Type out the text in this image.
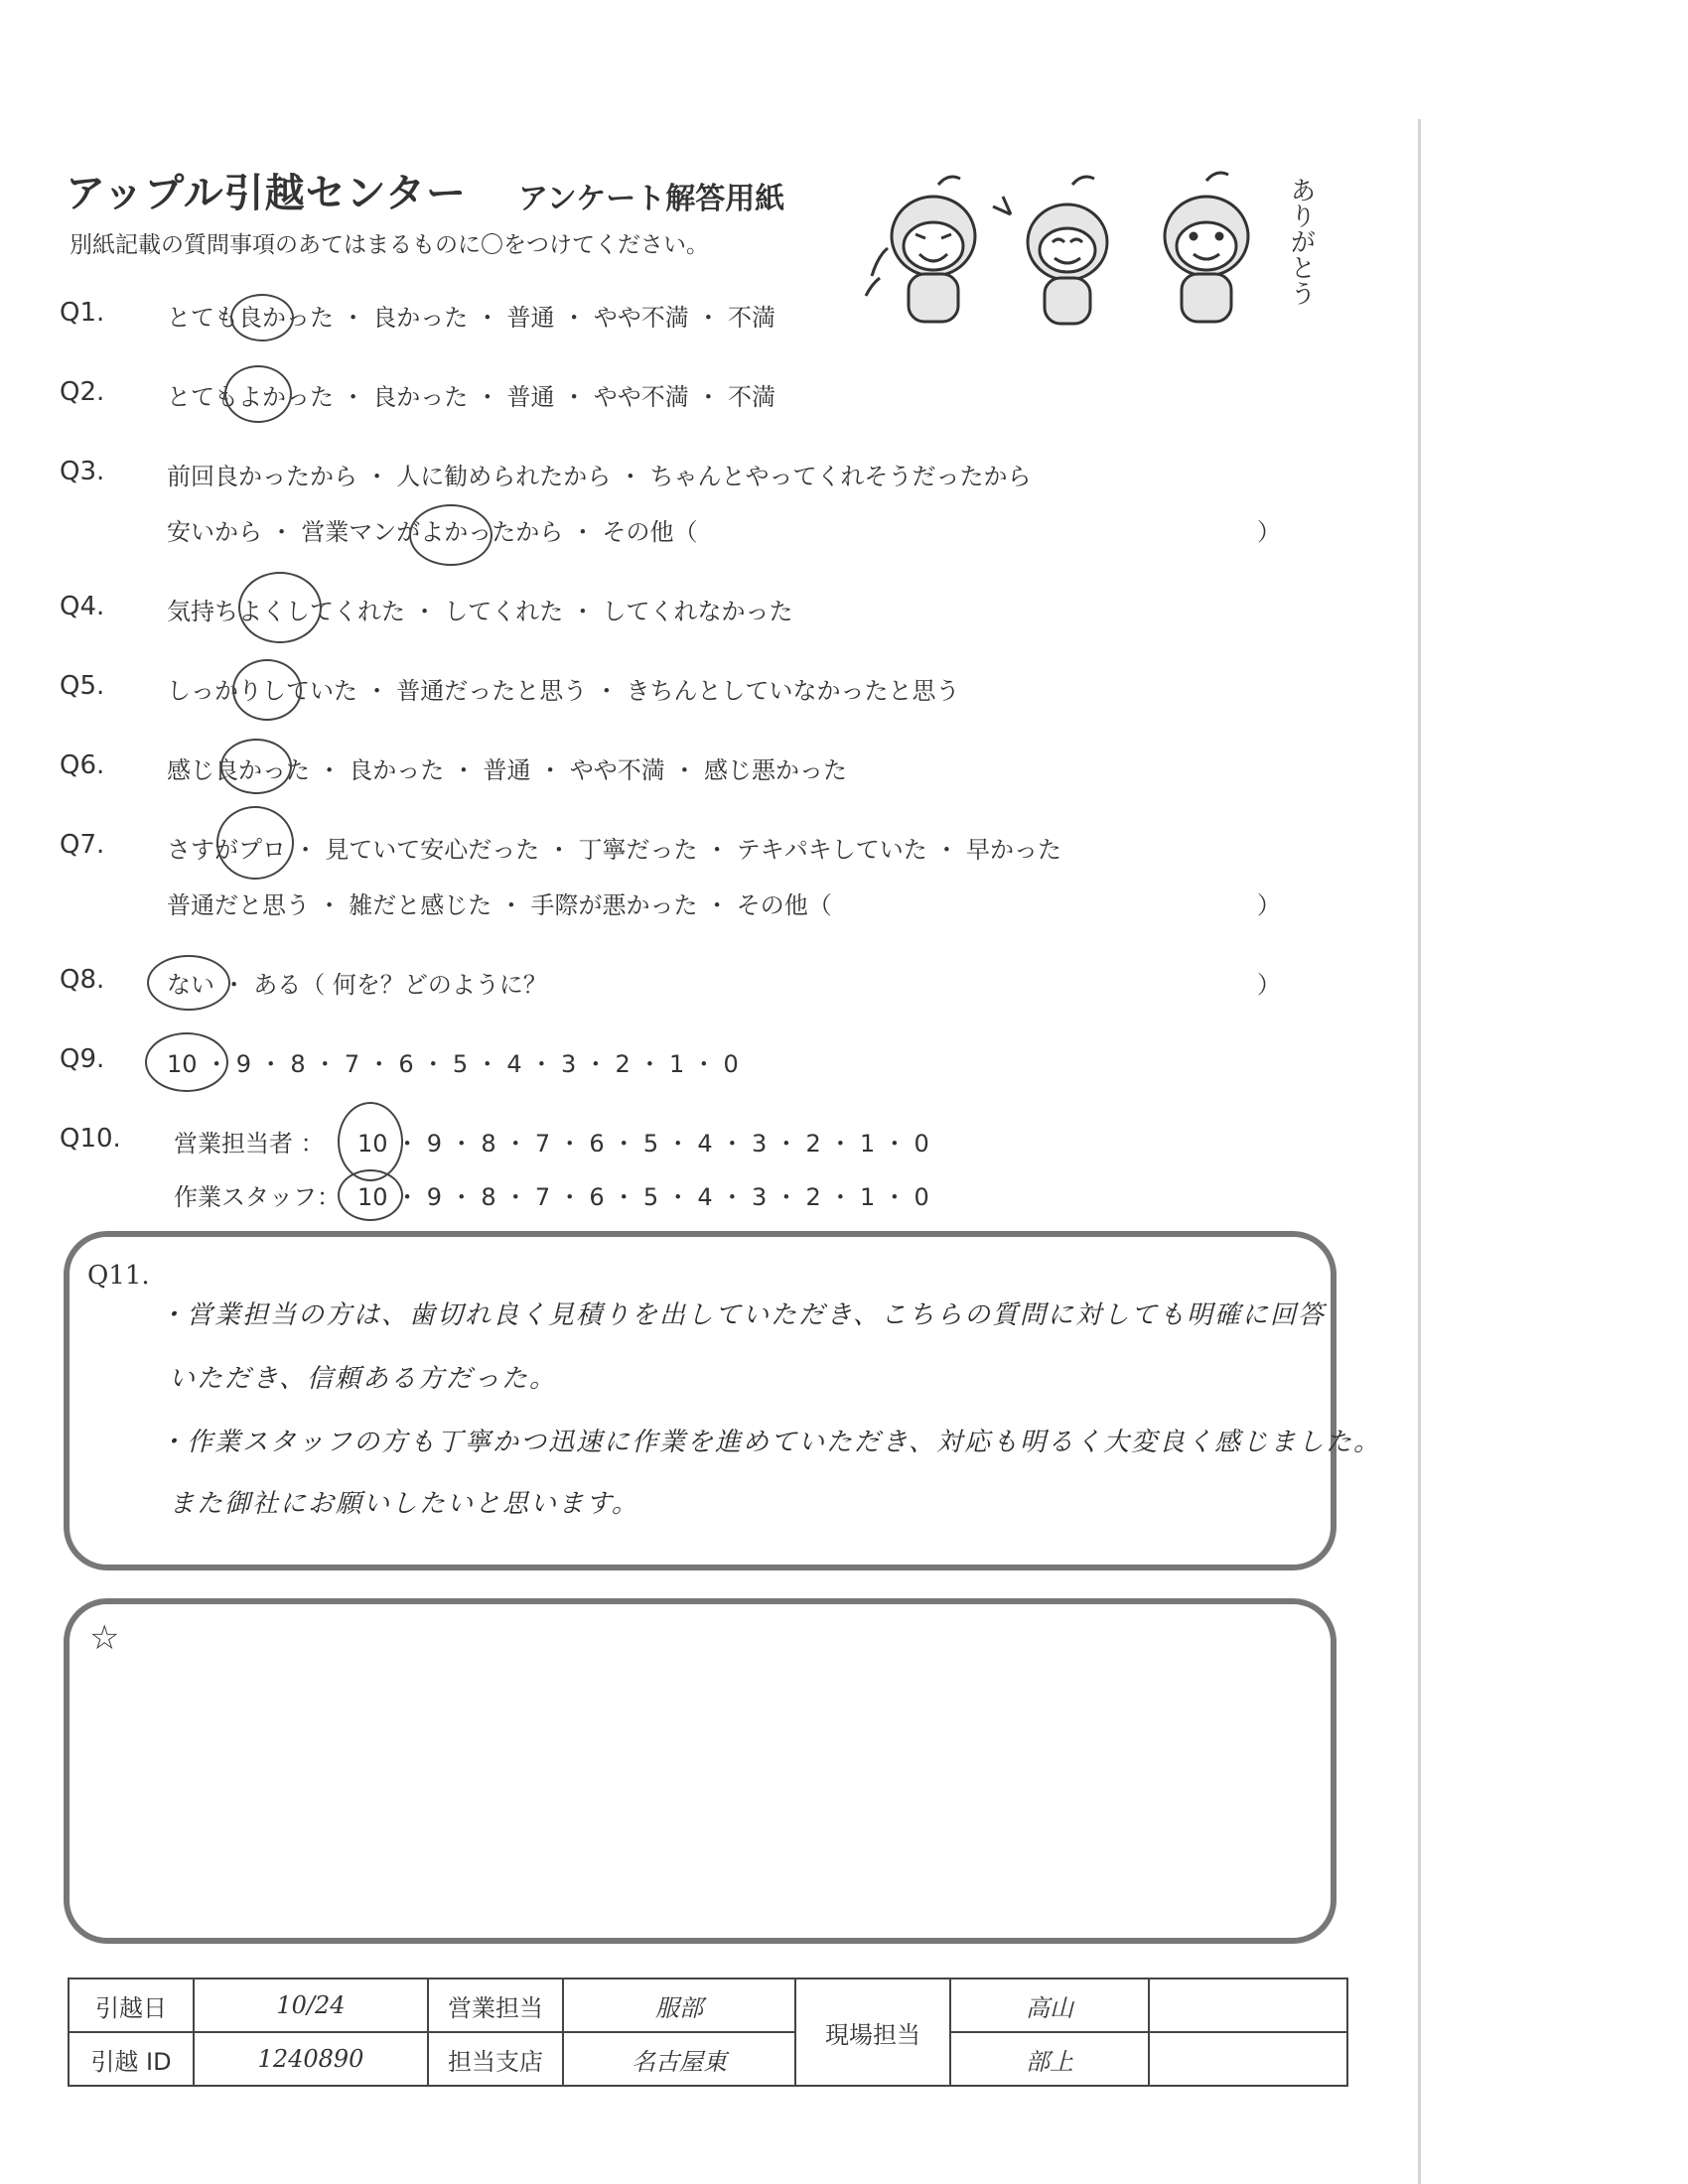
アップル引越センター アンケート解答用紙
別紙記載の質問事項のあてはまるものに〇をつけてください。	ありがとう
Q1.	とても良かった ・ 良かった ・ 普通 ・ やや不満 ・ 不満
Q2.	とてもよかった ・ 良かった ・ 普通 ・ やや不満 ・ 不満
Q3.	前回良かったから ・ 人に勧められたから ・ ちゃんとやってくれそうだったから
安いから ・ 営業マンがよかったから ・ その他（	）
Q4.	気持ちよくしてくれた ・ してくれた ・ してくれなかった
Q5.	しっかりしていた ・ 普通だったと思う ・ きちんとしていなかったと思う
Q6.	感じ良かった ・ 良かった ・ 普通 ・ やや不満 ・ 感じ悪かった
Q7.	さすがプロ ・ 見ていて安心だった ・ 丁寧だった ・ テキパキしていた ・ 早かった
普通だと思う ・ 雑だと感じた ・ 手際が悪かった ・ その他（	）
Q8.	ない ・ ある（ 何を？どのように？	）
Q9.	10 ・ 9 ・ 8 ・ 7 ・ 6 ・ 5 ・ 4 ・ 3 ・ 2 ・ 1 ・ 0
Q10. 営業担当者 ： 10 ・ 9 ・ 8 ・ 7 ・ 6 ・ 5 ・ 4 ・ 3 ・ 2 ・ 1 ・ 0
作業スタッフ： 10 ・ 9 ・ 8 ・ 7 ・ 6 ・ 5 ・ 4 ・ 3 ・ 2 ・ 1 ・ 0
Q11.
・営業担当の方は、歯切れ良く見積りを出していただき、こちらの質問に対しても明確に回答
いただき、信頼ある方だった。
・作業スタッフの方も丁寧かつ迅速に作業を進めていただき、対応も明るく大変良く感じました。
また御社にお願いしたいと思います。
☆
引越日	10/24	営業担当	服部	現場担当	高山	
引越 ID	1240890	担当支店	名古屋東		部上	
